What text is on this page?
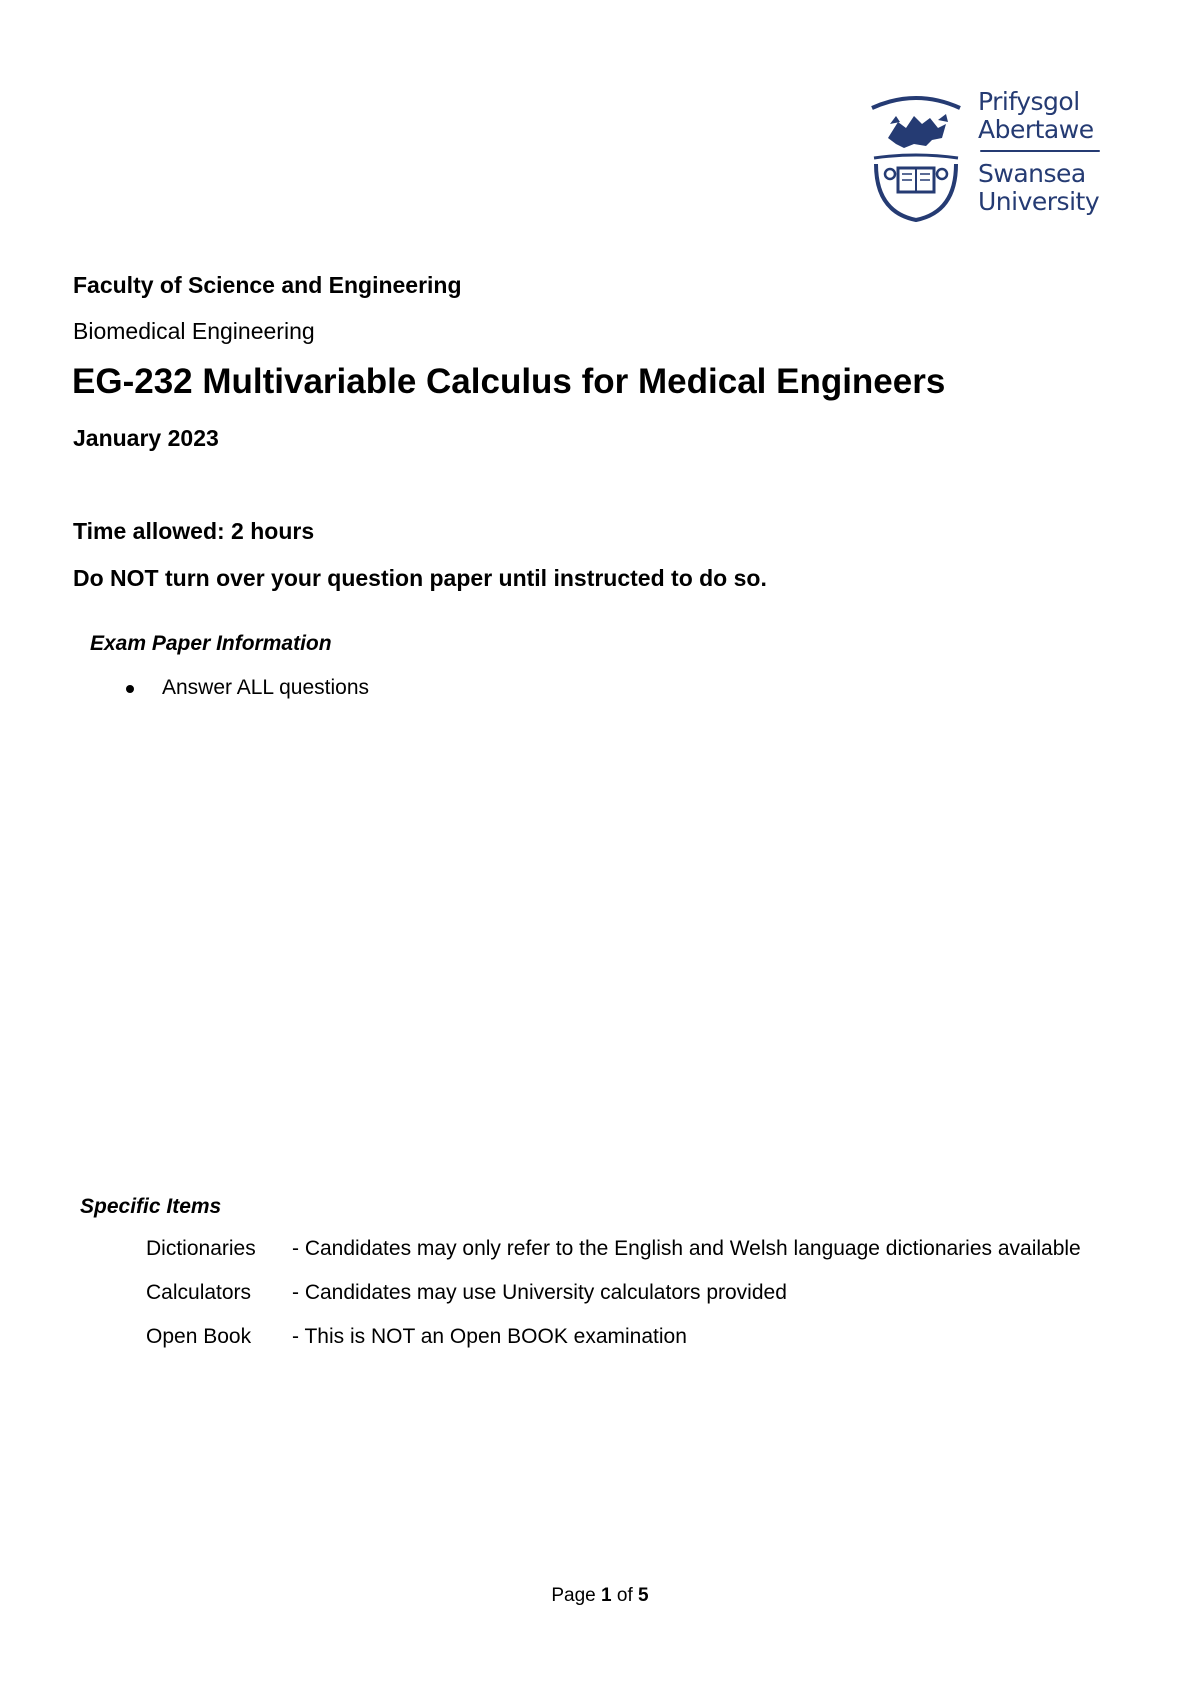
Prifysgol
Abertawe
Swansea
University
Faculty of Science and Engineering
Biomedical Engineering
EG-232 Multivariable Calculus for Medical Engineers
January 2023
Time allowed: 2 hours
Do NOT turn over your question paper until instructed to do so.
Exam Paper Information
Answer ALL questions
Specific Items
Dictionaries - Candidates may only refer to the English and Welsh language dictionaries available
Calculators - Candidates may use University calculators provided
Open Book - This is NOT an Open BOOK examination
Page 1 of 5
